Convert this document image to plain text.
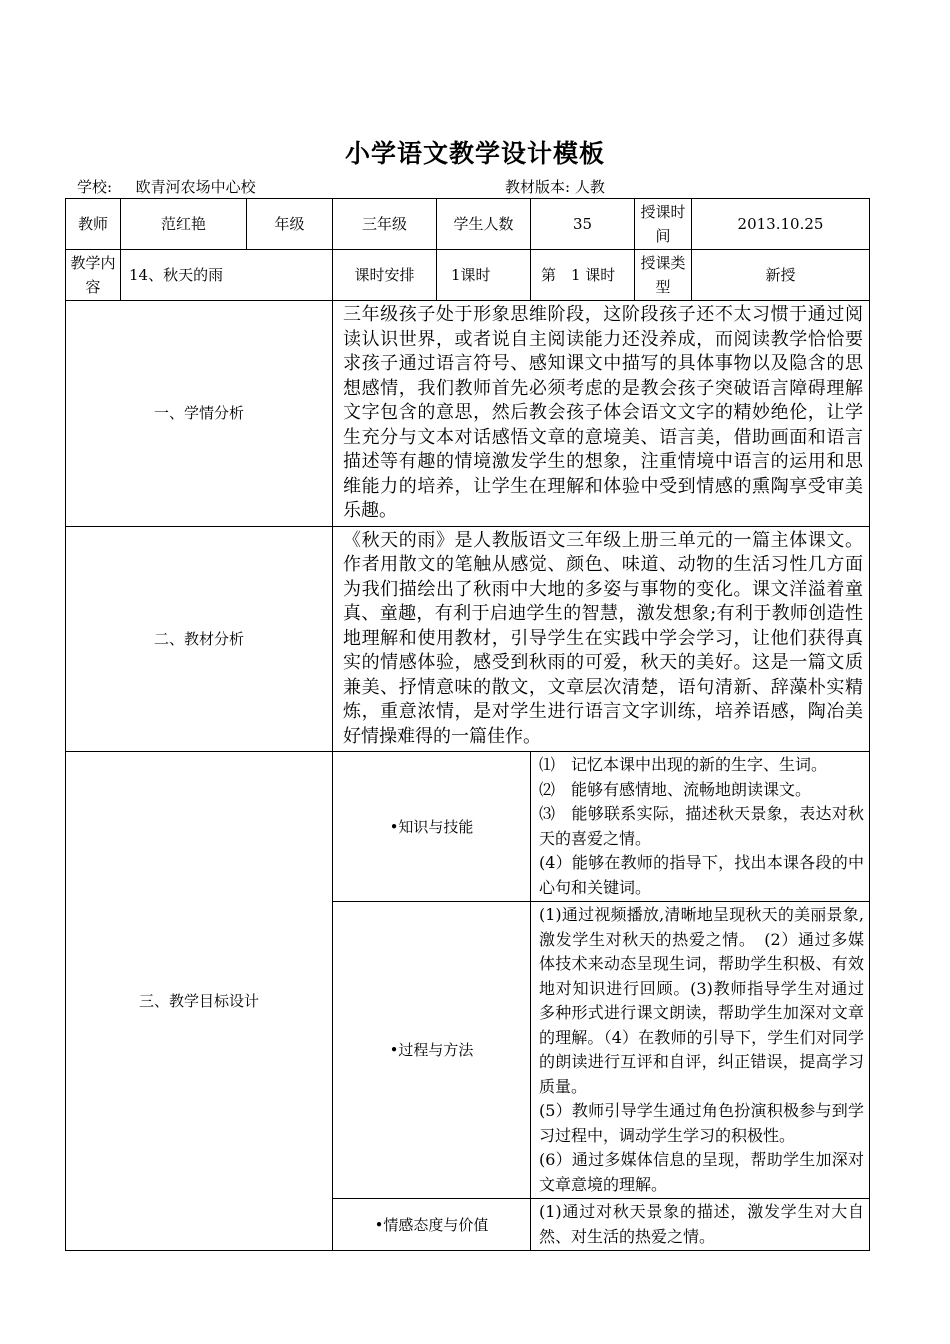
小学语文教学设计模板
学校: 欧青河农场中心校	教材版本: 人教
教师	范红艳	年级	三年级	学生人数	35	授课时间	2013.10.25
教学内容	14、秋天的雨		课时安排	1课时	第　1 课时	授课类型	新授
一、学情分析			三年级孩子处于形象思维阶段，这阶段孩子还不太习惯于通过阅读认识世界，或者说自主阅读能力还没养成，而阅读教学恰恰要求孩子通过语言符号、感知课文中描写的具体事物以及隐含的思想感情，我们教师首先必须考虑的是教会孩子突破语言障碍理解文字包含的意思，然后教会孩子体会语文文字的精妙绝伦，让学生充分与文本对话感悟文章的意境美、语言美，借助画面和语言描述等有趣的情境激发学生的想象，注重情境中语言的运用和思维能力的培养，让学生在理解和体验中受到情感的熏陶享受审美乐趣。				
二、教材分析			《秋天的雨》是人教版语文三年级上册三单元的一篇主体课文。作者用散文的笔触从感觉、颜色、味道、动物的生活习性几方面为我们描绘出了秋雨中大地的多姿与事物的变化。课文洋溢着童真、童趣，有利于启迪学生的智慧，激发想象;有利于教师创造性地理解和使用教材，引导学生在实践中学会学习，让他们获得真实的情感体验，感受到秋雨的可爱，秋天的美好。这是一篇文质兼美、抒情意味的散文，文章层次清楚，语句清新、辞藻朴实精炼，重意浓情，是对学生进行语言文字训练，培养语感，陶冶美好情操难得的一篇佳作。				
三、教学目标设计			•知识与技能		⑴　记忆本课中出现的新的生字、生词。
⑵　能够有感情地、流畅地朗读课文。
⑶　能够联系实际，描述秋天景象，表达对秋天的喜爱之情。
(4）能够在教师的指导下，找出本课各段的中心句和关键词。		

			•过程与方法		(1)通过视频播放,清晰地呈现秋天的美丽景象,激发学生对秋天的热爱之情。　(2）通过多媒体技术来动态呈现生词，帮助学生积极、有效地对知识进行回顾。(3)教师指导学生对通过多种形式进行课文朗读，帮助学生加深对文章的理解。（4）在教师的引导下，学生们对同学的朗读进行互评和自评，纠正错误，提高学习质量。
(5）教师引导学生通过角色扮演积极参与到学习过程中，调动学生学习的积极性。
(6）通过多媒体信息的呈现，帮助学生加深对文章意境的理解。		

			•情感态度与价值		(1)通过对秋天景象的描述，激发学生对大自然、对生活的热爱之情。		
